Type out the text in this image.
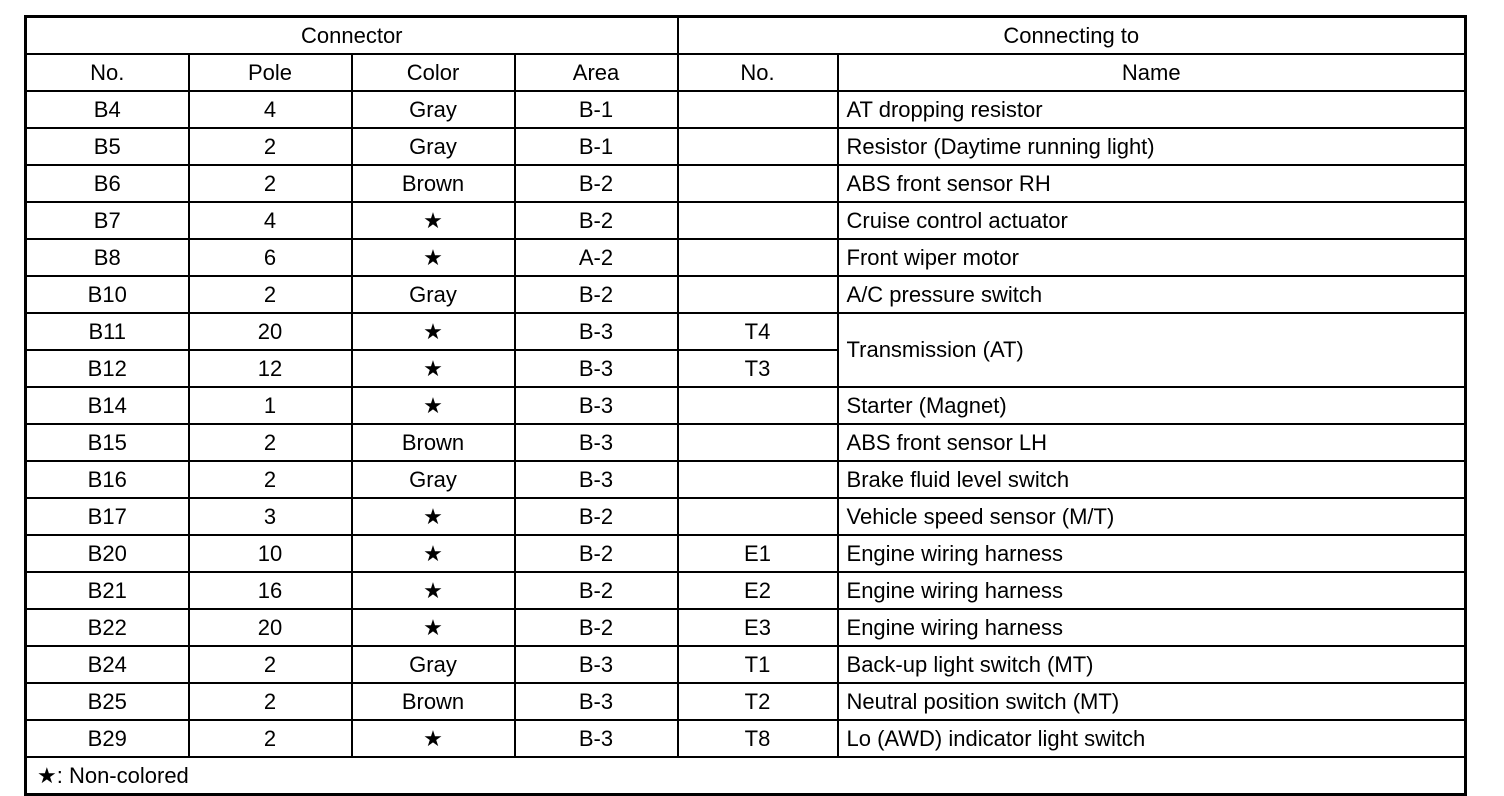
Connector				Connecting to	
No.	Pole	Color	Area	No.	Name
B4	4	Gray	B-1		AT dropping resistor
B5	2	Gray	B-1		Resistor (Daytime running light)
B6	2	Brown	B-2		ABS front sensor RH
B7	4	★	B-2		Cruise control actuator
B8	6	★	A-2		Front wiper motor
B10	2	Gray	B-2		A/C pressure switch
B11	20	★	B-3	T4	Transmission (AT)
B12	12	★	B-3	T3	
B14	1	★	B-3		Starter (Magnet)
B15	2	Brown	B-3		ABS front sensor LH
B16	2	Gray	B-3		Brake fluid level switch
B17	3	★	B-2		Vehicle speed sensor (M/T)
B20	10	★	B-2	E1	Engine wiring harness
B21	16	★	B-2	E2	Engine wiring harness
B22	20	★	B-2	E3	Engine wiring harness
B24	2	Gray	B-3	T1	Back-up light switch (MT)
B25	2	Brown	B-3	T2	Neutral position switch (MT)
B29	2	★	B-3	T8	Lo (AWD) indicator light switch
★: Non-colored					
